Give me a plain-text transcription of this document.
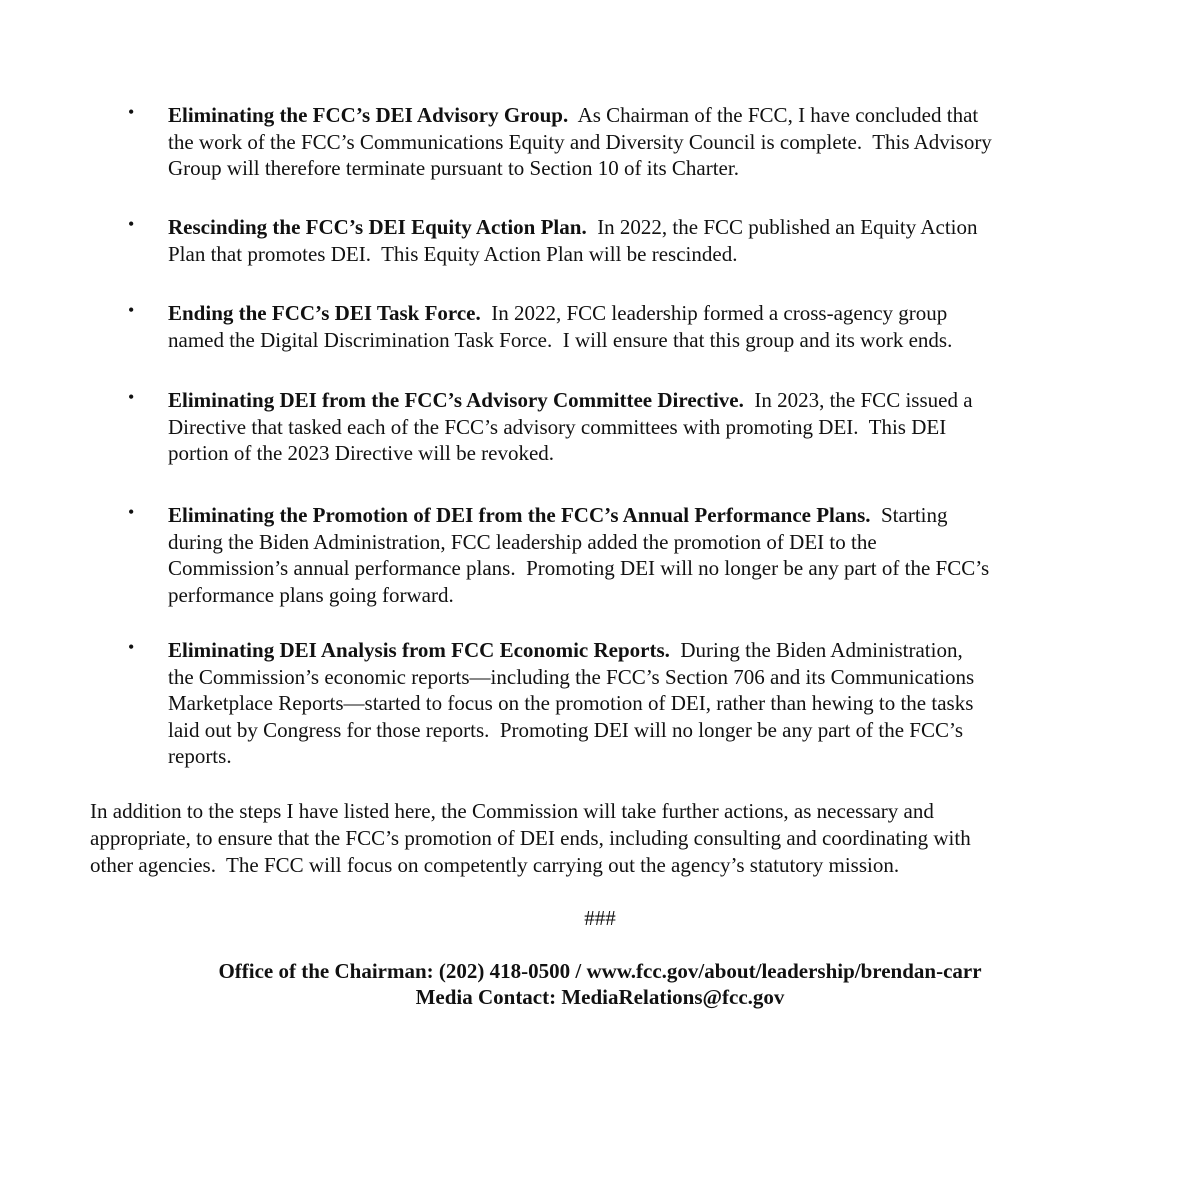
• Eliminating the FCC’s DEI Advisory Group.  As Chairman of the FCC, I have concluded that
the work of the FCC’s Communications Equity and Diversity Council is complete.  This Advisory
Group will therefore terminate pursuant to Section 10 of its Charter.
• Rescinding the FCC’s DEI Equity Action Plan.  In 2022, the FCC published an Equity Action
Plan that promotes DEI.  This Equity Action Plan will be rescinded.
• Ending the FCC’s DEI Task Force.  In 2022, FCC leadership formed a cross-agency group
named the Digital Discrimination Task Force.  I will ensure that this group and its work ends.
• Eliminating DEI from the FCC’s Advisory Committee Directive.  In 2023, the FCC issued a
Directive that tasked each of the FCC’s advisory committees with promoting DEI.  This DEI
portion of the 2023 Directive will be revoked.
• Eliminating the Promotion of DEI from the FCC’s Annual Performance Plans.  Starting
during the Biden Administration, FCC leadership added the promotion of DEI to the
Commission’s annual performance plans.  Promoting DEI will no longer be any part of the FCC’s
performance plans going forward.
• Eliminating DEI Analysis from FCC Economic Reports.  During the Biden Administration,
the Commission’s economic reports—including the FCC’s Section 706 and its Communications
Marketplace Reports—started to focus on the promotion of DEI, rather than hewing to the tasks
laid out by Congress for those reports.  Promoting DEI will no longer be any part of the FCC’s
reports.
In addition to the steps I have listed here, the Commission will take further actions, as necessary and
appropriate, to ensure that the FCC’s promotion of DEI ends, including consulting and coordinating with
other agencies.  The FCC will focus on competently carrying out the agency’s statutory mission.
###
Office of the Chairman: (202) 418-0500 / www.fcc.gov/about/leadership/brendan-carr
Media Contact: MediaRelations@fcc.gov
